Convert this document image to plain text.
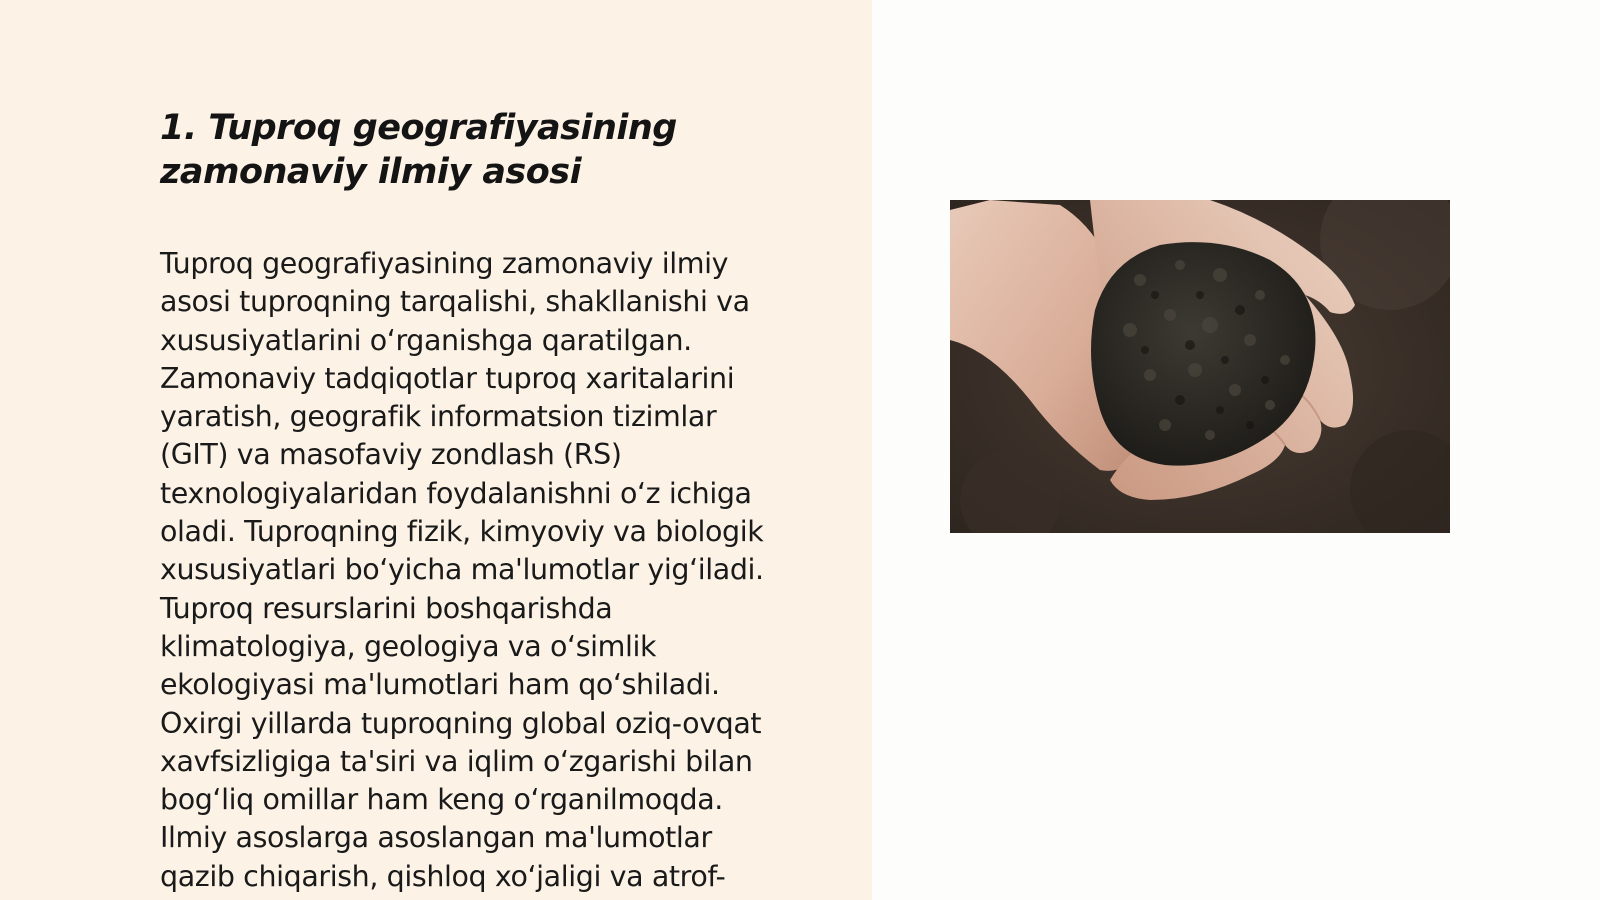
1. Tuproq geografiyasining zamonaviy ilmiy asosi

Tuproq geografiyasining zamonaviy ilmiy
asosi tuproqning tarqalishi, shakllanishi va
xususiyatlarini o‘rganishga qaratilgan.
Zamonaviy tadqiqotlar tuproq xaritalarini
yaratish, geografik informatsion tizimlar
(GIT) va masofaviy zondlash (RS)
texnologiyalaridan foydalanishni o‘z ichiga
oladi. Tuproqning fizik, kimyoviy va biologik
xususiyatlari bo‘yicha ma'lumotlar yig‘iladi.
Tuproq resurslarini boshqarishda
klimatologiya, geologiya va o‘simlik
ekologiyasi ma'lumotlari ham qo‘shiladi.
Oxirgi yillarda tuproqning global oziq-ovqat
xavfsizligiga ta'siri va iqlim o‘zgarishi bilan
bog‘liq omillar ham keng o‘rganilmoqda.
Ilmiy asoslarga asoslangan ma'lumotlar
qazib chiqarish, qishloq xo‘jaligi va atrof-
